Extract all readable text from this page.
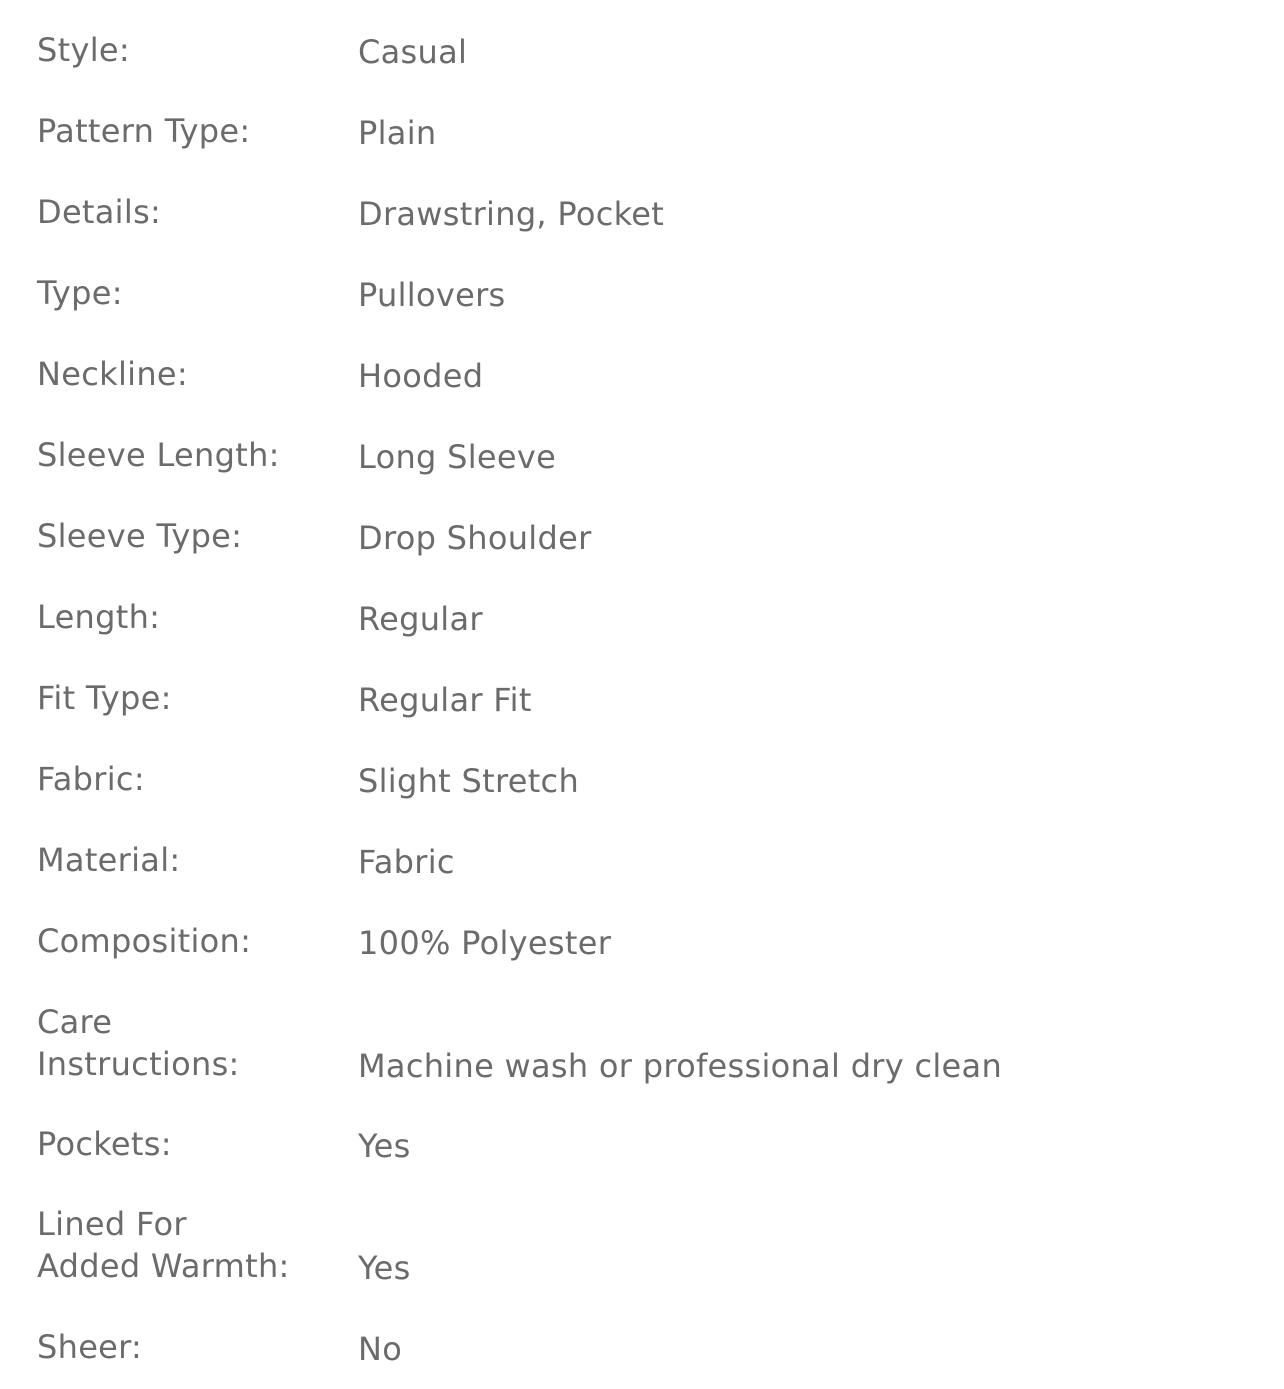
Style:	Casual
Pattern Type:	Plain
Details:	Drawstring, Pocket
Type:	Pullovers
Neckline:	Hooded
Sleeve Length:	Long Sleeve
Sleeve Type:	Drop Shoulder
Length:	Regular
Fit Type:	Regular Fit
Fabric:	Slight Stretch
Material:	Fabric
Composition:	100% Polyester
Care
Instructions:	Machine wash or professional dry clean
Pockets:	Yes
Lined For
Added Warmth:	Yes
Sheer:	No
